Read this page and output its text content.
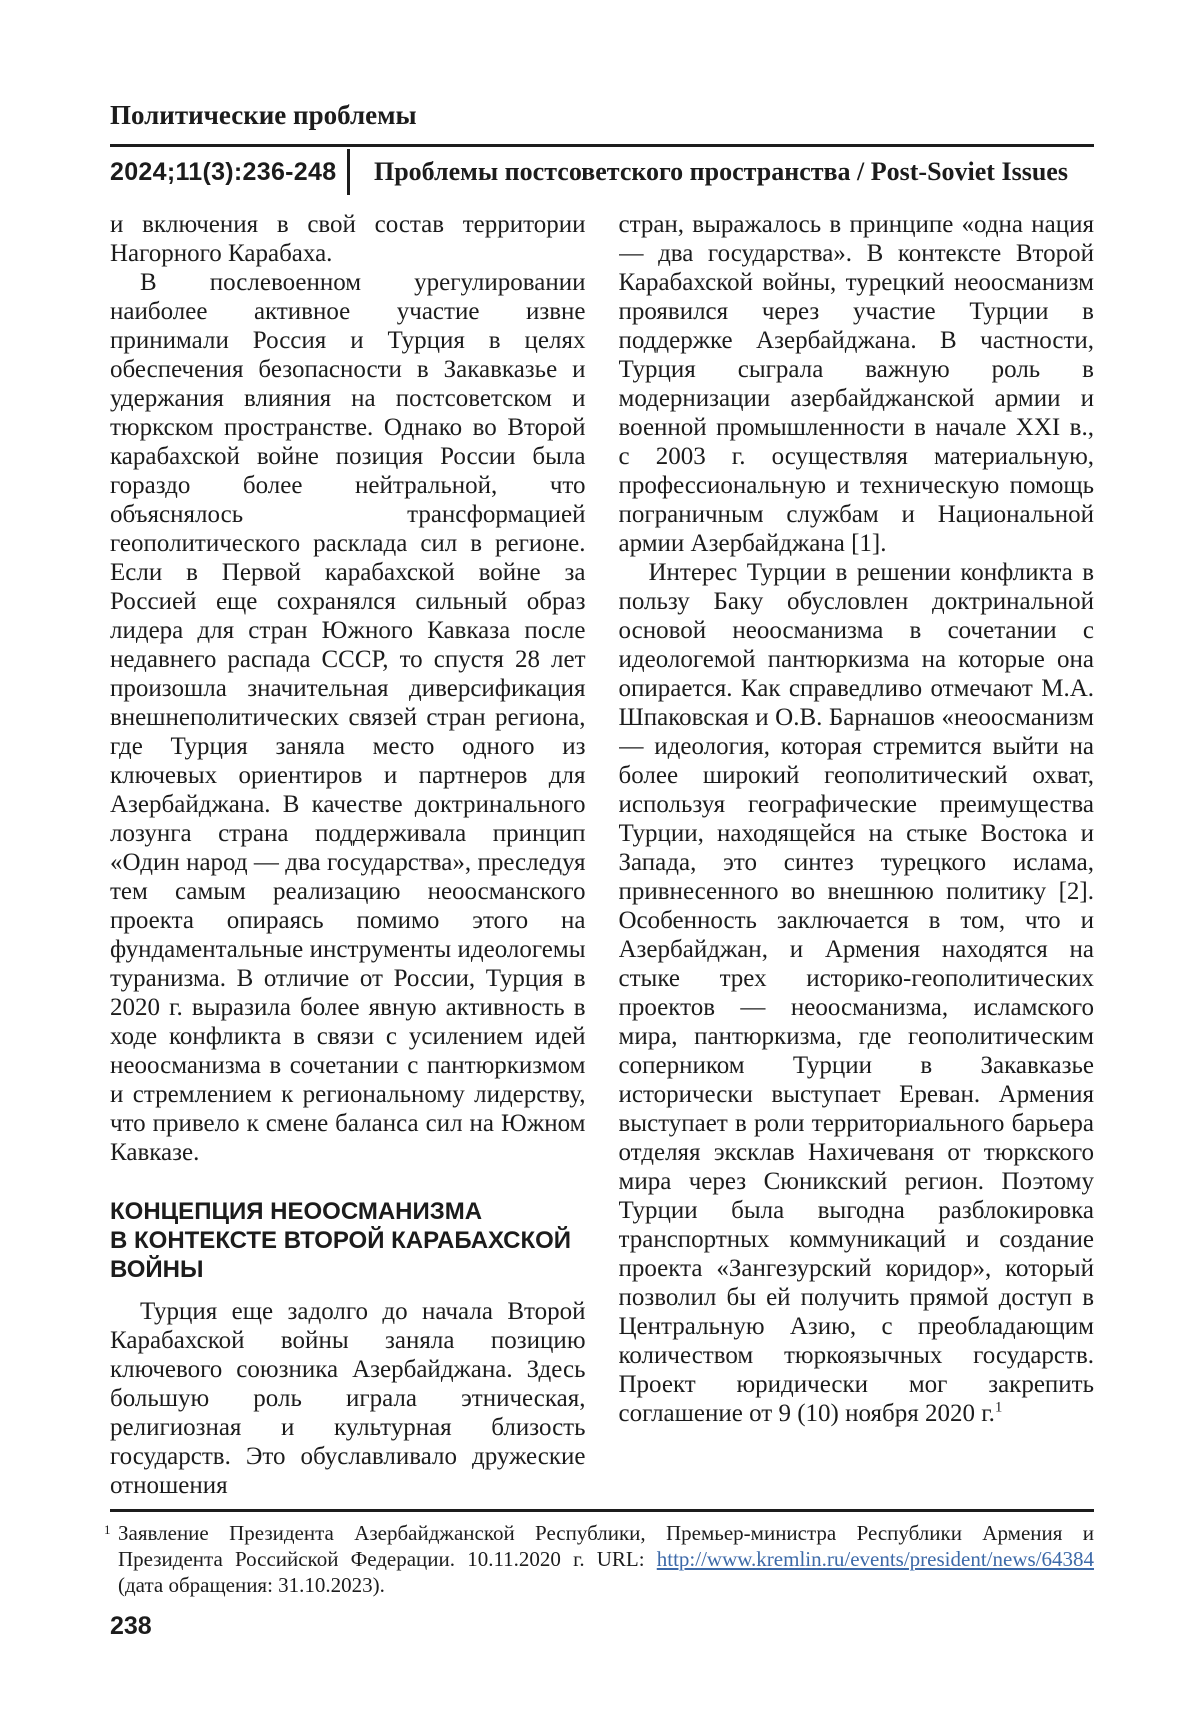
Политические проблемы
2024;11(3):236-248	Проблемы постсоветского пространства / Post-Soviet Issues

и включения в свой состав территории Нагорного Карабаха.

В послевоенном урегулировании наиболее активное участие извне принимали Россия и Турция в целях обеспечения безопасности в Закавказье и удержания влияния на постсоветском и тюркском пространстве. Однако во Второй карабахской войне позиция России была гораздо более нейтральной, что объяснялось трансформацией геополитического расклада сил в регионе. Если в Первой карабахской войне за Россией еще сохранялся сильный образ лидера для стран Южного Кавказа после недавнего распада СССР, то спустя 28 лет произошла значительная диверсификация внешнеполитических связей стран региона, где Турция заняла место одного из ключевых ориентиров и партнеров для Азербайджана. В качестве доктринального лозунга страна поддерживала принцип «Один народ — два государства», преследуя тем самым реализацию неоосманского проекта опираясь помимо этого на фундаментальные инструменты идеологемы туранизма. В отличие от России, Турция в 2020 г. выразила более явную активность в ходе конфликта в связи с усилением идей неоосманизма в сочетании с пантюркизмом и стремлением к региональному лидерству, что привело к смене баланса сил на Южном Кавказе.

КОНЦЕПЦИЯ НЕООСМАНИЗМА
В КОНТЕКСТЕ ВТОРОЙ КАРАБАХСКОЙ
ВОЙНЫ

Турция еще задолго до начала Второй Карабахской войны заняла позицию ключевого союзника Азербайджана. Здесь большую роль играла этническая, религиозная и культурная близость государств. Это обуславливало дружеские отношения

стран, выражалось в принципе «одна нация — два государства». В контексте Второй Карабахской войны, турецкий неоосманизм проявился через участие Турции в поддержке Азербайджана. В частности, Турция сыграла важную роль в модернизации азербайджанской армии и военной промышленности в начале XXI в., с 2003 г. осуществляя материальную, профессиональную и техническую помощь пограничным службам и Национальной армии Азербайджана [1].

Интерес Турции в решении конфликта в пользу Баку обусловлен доктринальной основой неоосманизма в сочетании с идеологемой пантюркизма на которые она опирается. Как справедливо отмечают М.А. Шпаковская и О.В. Барнашов «неоосманизм — идеология, которая стремится выйти на более широкий геополитический охват, используя географические преимущества Турции, находящейся на стыке Востока и Запада, это синтез турецкого ислама, привнесенного во внешнюю политику [2]. Особенность заключается в том, что и Азербайджан, и Армения находятся на стыке трех историко-геополитических проектов — неоосманизма, исламского мира, пантюркизма, где геополитическим соперником Турции в Закавказье исторически выступает Ереван. Армения выступает в роли территориального барьера отделяя эксклав Нахичеваня от тюркского мира через Сюникский регион. Поэтому Турции была выгодна разблокировка транспортных коммуникаций и создание проекта «Зангезурский коридор», который позволил бы ей получить прямой доступ в Центральную Азию, с преобладающим количеством тюркоязычных государств. Проект юридически мог закрепить соглашение от 9 (10) ноября 2020 г.$^1$

1 Заявление Президента Азербайджанской Республики, Премьер-министра Республики Армения и Президента Российской Федерации. 10.11.2020 г. URL: http://www.kremlin.ru/events/president/news/64384 (дата обращения: 31.10.2023).
238
